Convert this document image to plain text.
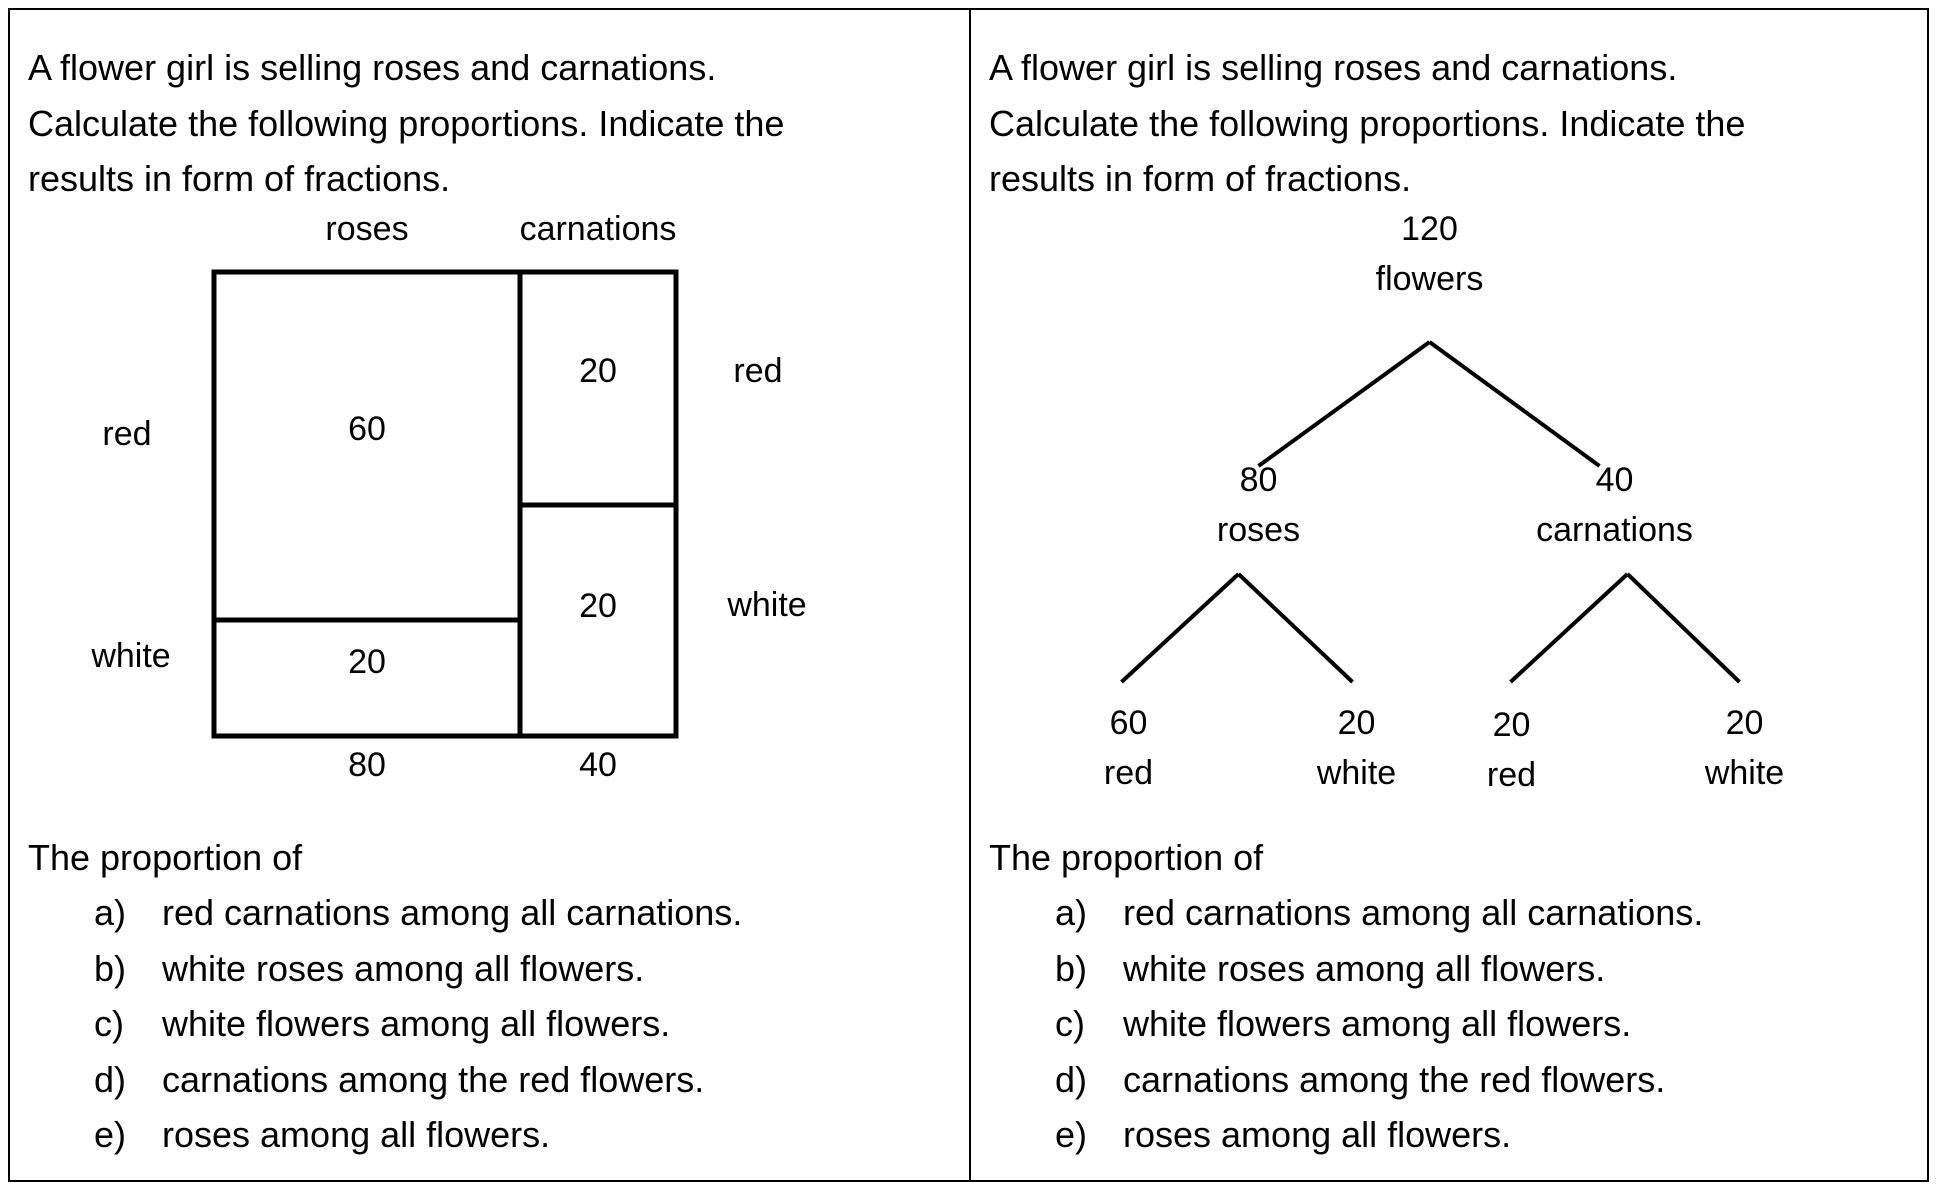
A flower girl is selling roses and carnations.
Calculate the following proportions. Indicate the
results in form of fractions.
roses	carnations
red
white
red
white
60
20
20
20
80	40
The proportion of
a) red carnations among all carnations.
b) white roses among all flowers.
c) white flowers among all flowers.
d) carnations among the red flowers.
e) roses among all flowers.
A flower girl is selling roses and carnations.
Calculate the following proportions. Indicate the
results in form of fractions.
120
flowers
80
roses
40
carnations
60
red
20
white
20
red
20
white
The proportion of
a) red carnations among all carnations.
b) white roses among all flowers.
c) white flowers among all flowers.
d) carnations among the red flowers.
e) roses among all flowers.
